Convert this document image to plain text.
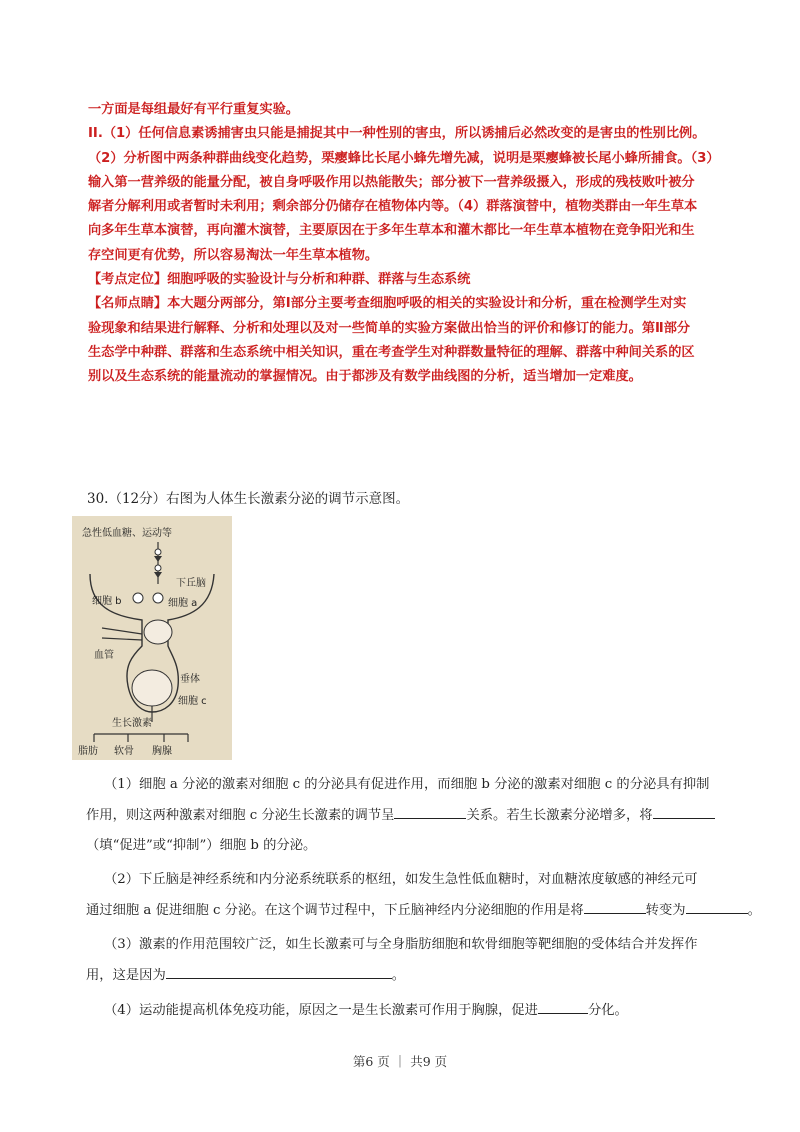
一方面是每组最好有平行重复实验。

II.（1）任何信息素诱捕害虫只能是捕捉其中一种性别的害虫，所以诱捕后必然改变的是害虫的性别比例。

（2）分析图中两条种群曲线变化趋势，栗瘿蜂比长尾小蜂先增先减，说明是栗瘿蜂被长尾小蜂所捕食。（3）

输入第一营养级的能量分配，被自身呼吸作用以热能散失；部分被下一营养级摄入，形成的残枝败叶被分

解者分解利用或者暂时未利用；剩余部分仍储存在植物体内等。（4）群落演替中，植物类群由一年生草本

向多年生草本演替，再向灌木演替，主要原因在于多年生草本和灌木都比一年生草本植物在竞争阳光和生

存空间更有优势，所以容易淘汰一年生草本植物。

【考点定位】细胞呼吸的实验设计与分析和种群、群落与生态系统

【名师点睛】本大题分两部分，第Ⅰ部分主要考查细胞呼吸的相关的实验设计和分析，重在检测学生对实

验现象和结果进行解释、分析和处理以及对一些简单的实验方案做出恰当的评价和修订的能力。第Ⅱ部分

生态学中种群、群落和生态系统中相关知识，重在考查学生对种群数量特征的理解、群落中种间关系的区

别以及生态系统的能量流动的掌握情况。由于都涉及有数学曲线图的分析，适当增加一定难度。

30.（12分）右图为人体生长激素分泌的调节示意图。
急性低血糖、运动等
下丘脑
细胞 b	细胞 a
血管
垂体
细胞 c
生长激素
脂肪 软骨 胸腺

（1）细胞 a 分泌的激素对细胞 c 的分泌具有促进作用，而细胞 b 分泌的激素对细胞 c 的分泌具有抑制

作用，则这两种激素对细胞 c 分泌生长激素的调节呈	关系。若生长激素分泌增多，将

（填“促进”或“抑制”）细胞 b 的分泌。

（2）下丘脑是神经系统和内分泌系统联系的枢纽，如发生急性低血糖时，对血糖浓度敏感的神经元可

通过细胞 a 促进细胞 c 分泌。在这个调节过程中，下丘脑神经内分泌细胞的作用是将	转变为	。

（3）激素的作用范围较广泛，如生长激素可与全身脂肪细胞和软骨细胞等靶细胞的受体结合并发挥作

用，这是因为	。

（4）运动能提高机体免疫功能，原因之一是生长激素可作用于胸腺，促进	分化。

第6 页 ｜ 共9 页
